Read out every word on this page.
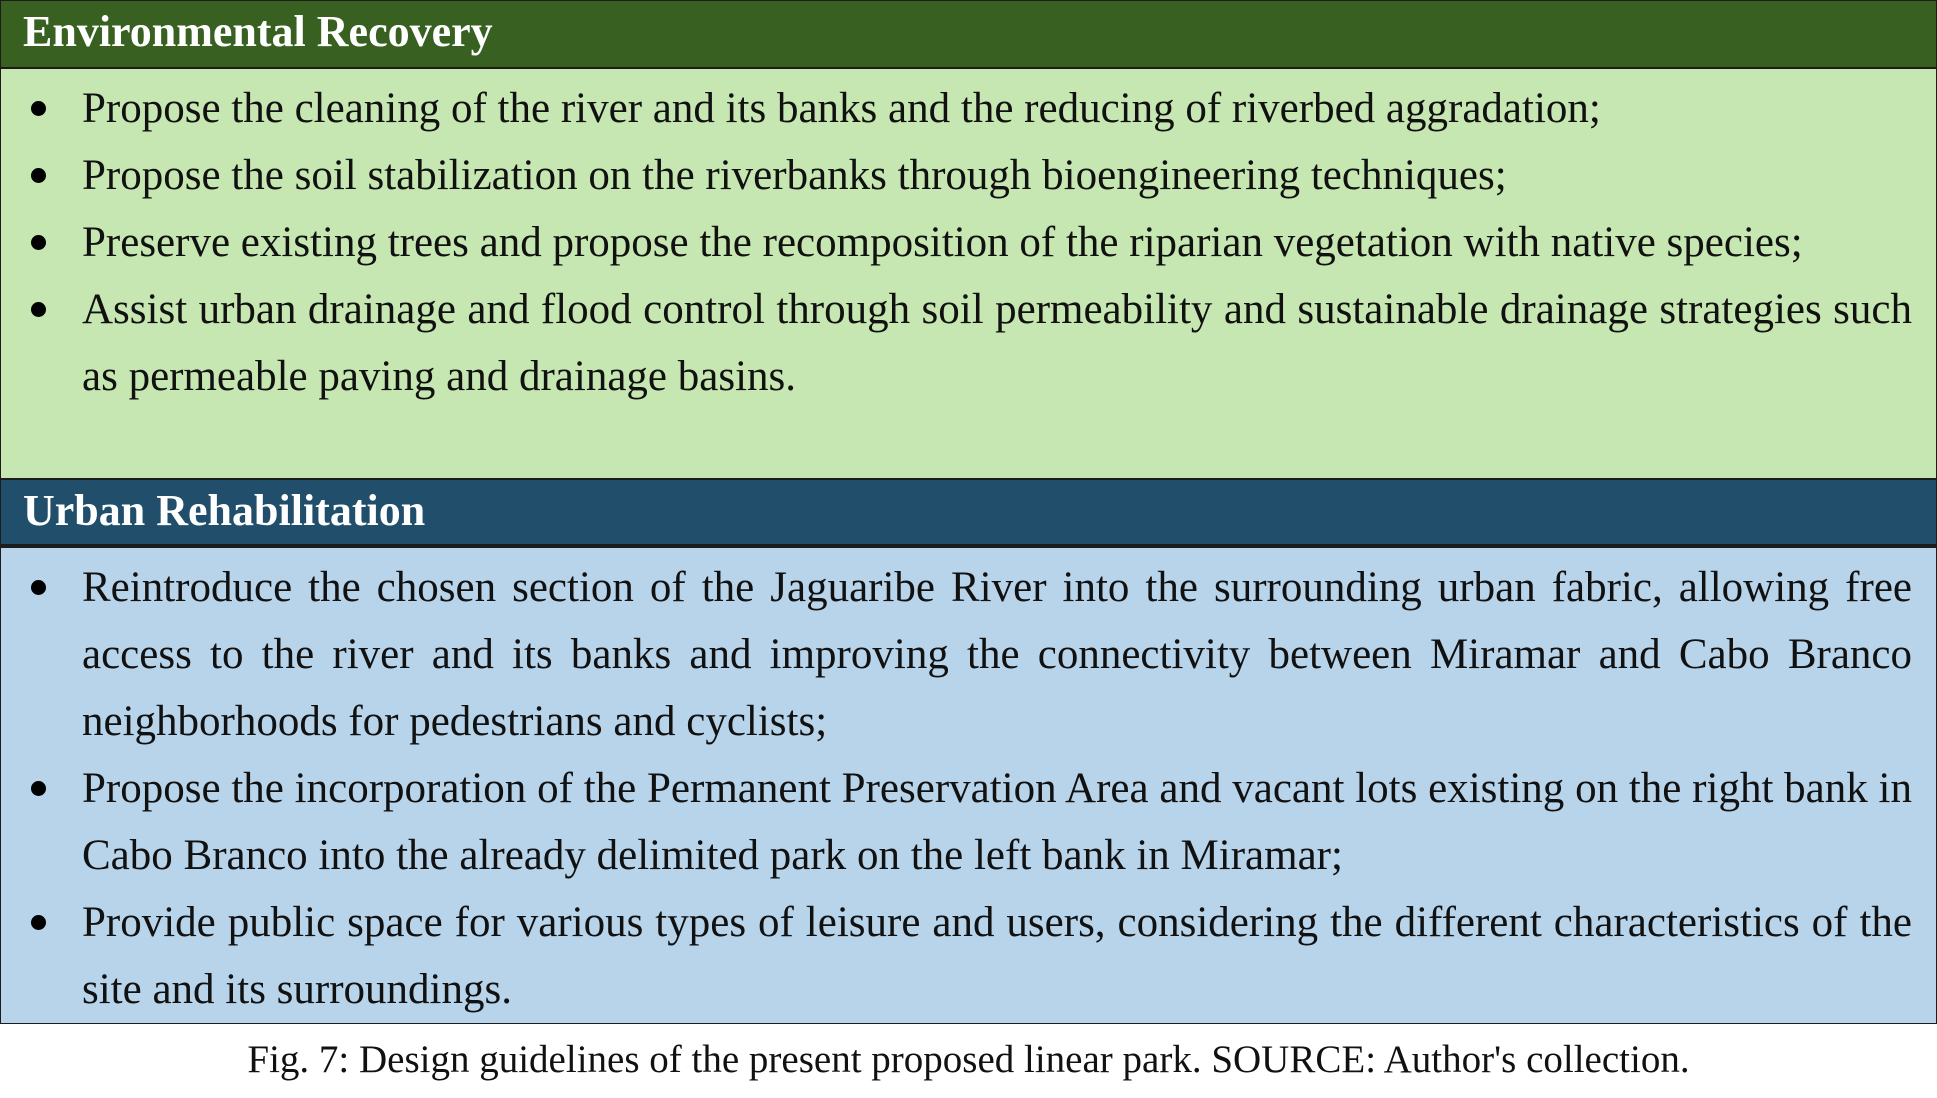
Environmental Recovery
Propose the cleaning of the river and its banks and the reducing of riverbed aggradation;
Propose the soil stabilization on the riverbanks through bioengineering techniques;
Preserve existing trees and propose the recomposition of the riparian vegetation with native species;
Assist urban drainage and flood control through soil permeability and sustainable drainage strategies such as permeable paving and drainage basins.
Urban Rehabilitation
Reintroduce the chosen section of the Jaguaribe River into the surrounding urban fabric, allowing free access to the river and its banks and improving the connectivity between Miramar and Cabo Branco neighborhoods for pedestrians and cyclists;
Propose the incorporation of the Permanent Preservation Area and vacant lots existing on the right bank in Cabo Branco into the already delimited park on the left bank in Miramar;
Provide public space for various types of leisure and users, considering the different characteristics of the site and its surroundings.
Fig. 7: Design guidelines of the present proposed linear park. SOURCE: Author's collection.
